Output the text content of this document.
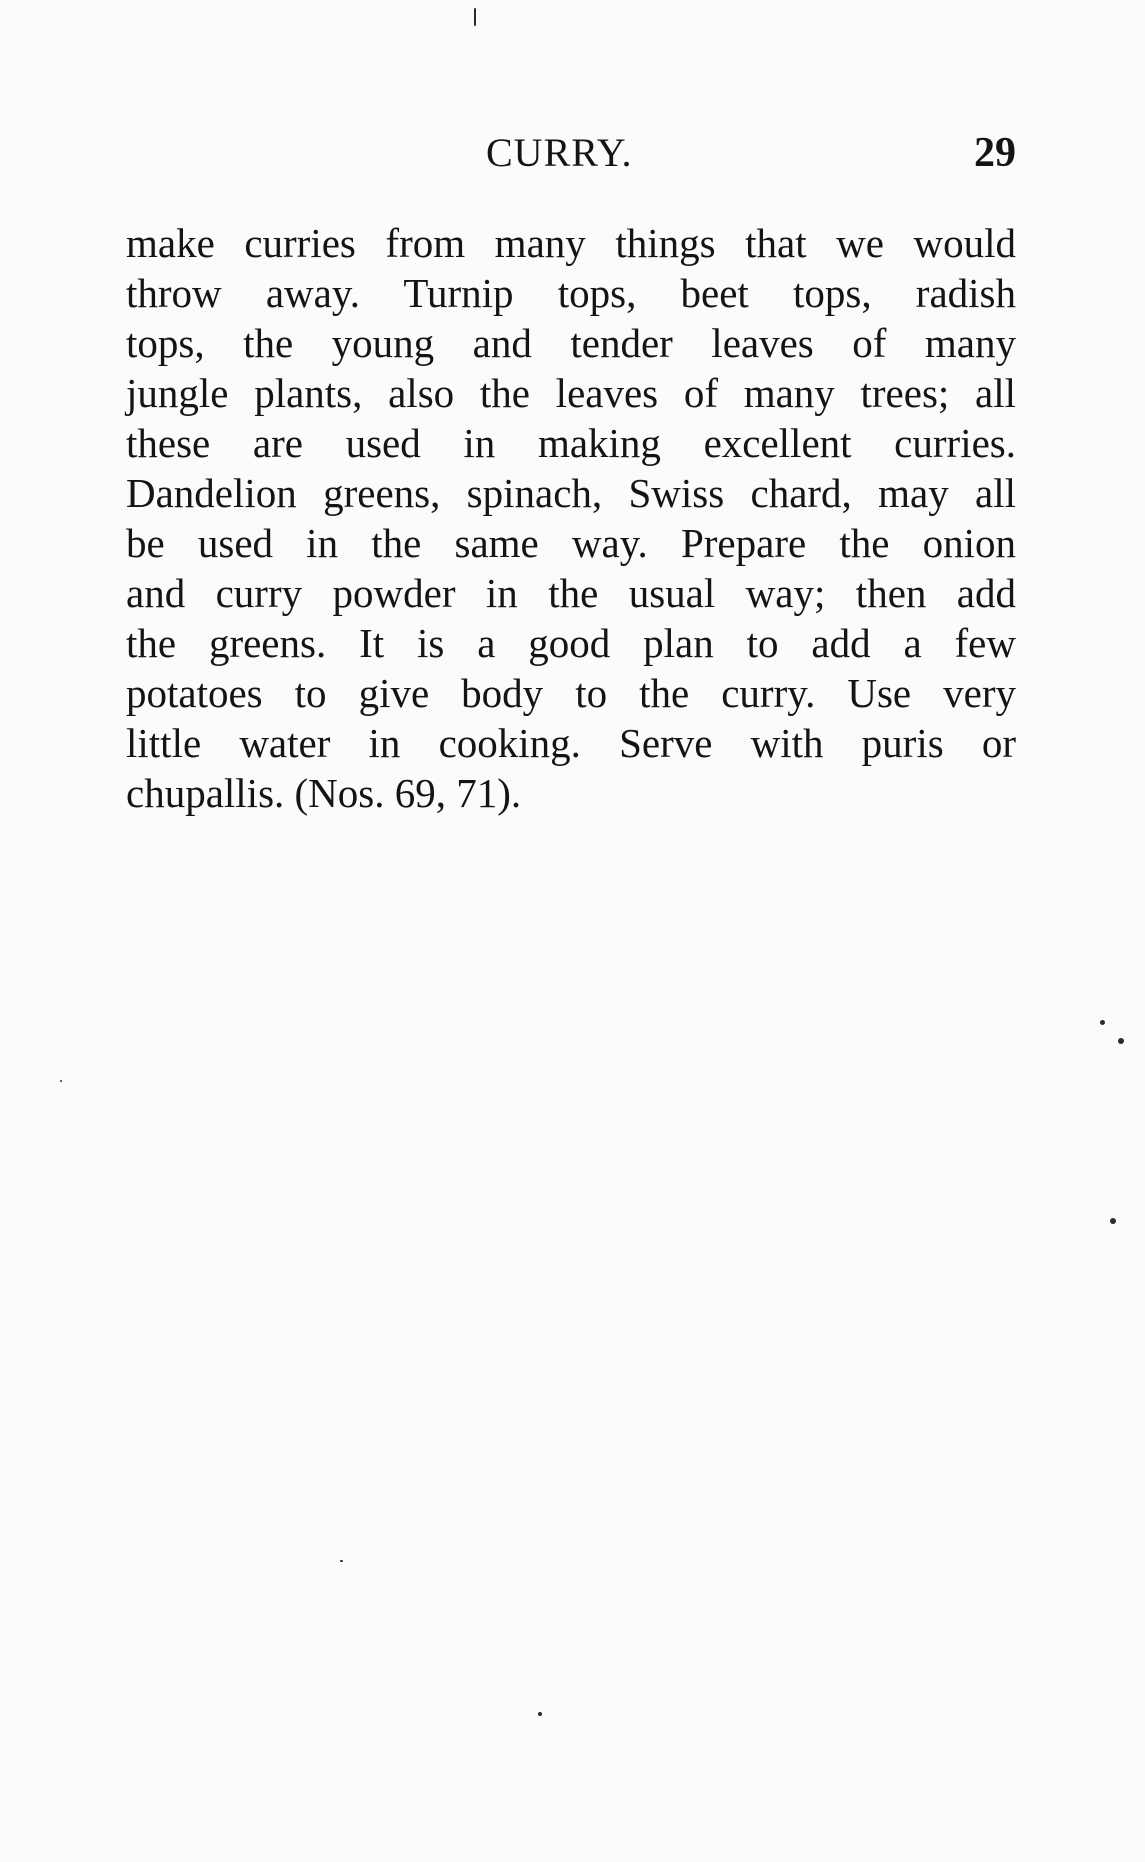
CURRY.	29
make curries from many things that we would
throw away. Turnip tops, beet tops, radish
tops, the young and tender leaves of many
jungle plants, also the leaves of many trees; all
these are used in making excellent curries.
Dandelion greens, spinach, Swiss chard, may all
be used in the same way. Prepare the onion
and curry powder in the usual way; then add
the greens. It is a good plan to add a few
potatoes to give body to the curry. Use very
little water in cooking. Serve with puris or
chupallis. (Nos. 69, 71).
